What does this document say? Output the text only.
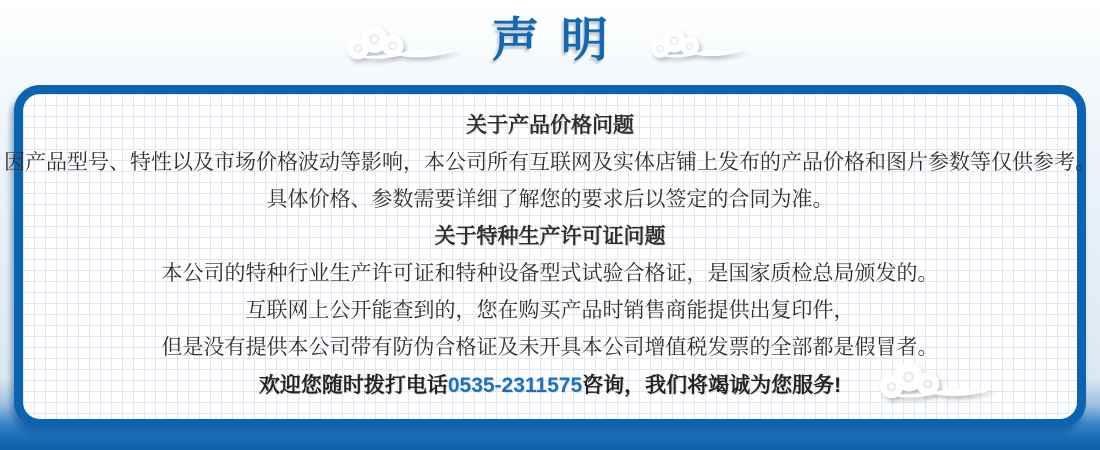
声明
关于产品价格问题
因产品型号、特性以及市场价格波动等影响，本公司所有互联网及实体店铺上发布的产品价格和图片参数等仅供参考。
具体价格、参数需要详细了解您的要求后以签定的合同为准。
关于特种生产许可证问题
本公司的特种行业生产许可证和特种设备型式试验合格证，是国家质检总局颁发的。
互联网上公开能查到的，您在购买产品时销售商能提供出复印件，
但是没有提供本公司带有防伪合格证及未开具本公司增值税发票的全部都是假冒者。
欢迎您随时拨打电话0535-2311575咨询，我们将竭诚为您服务!
